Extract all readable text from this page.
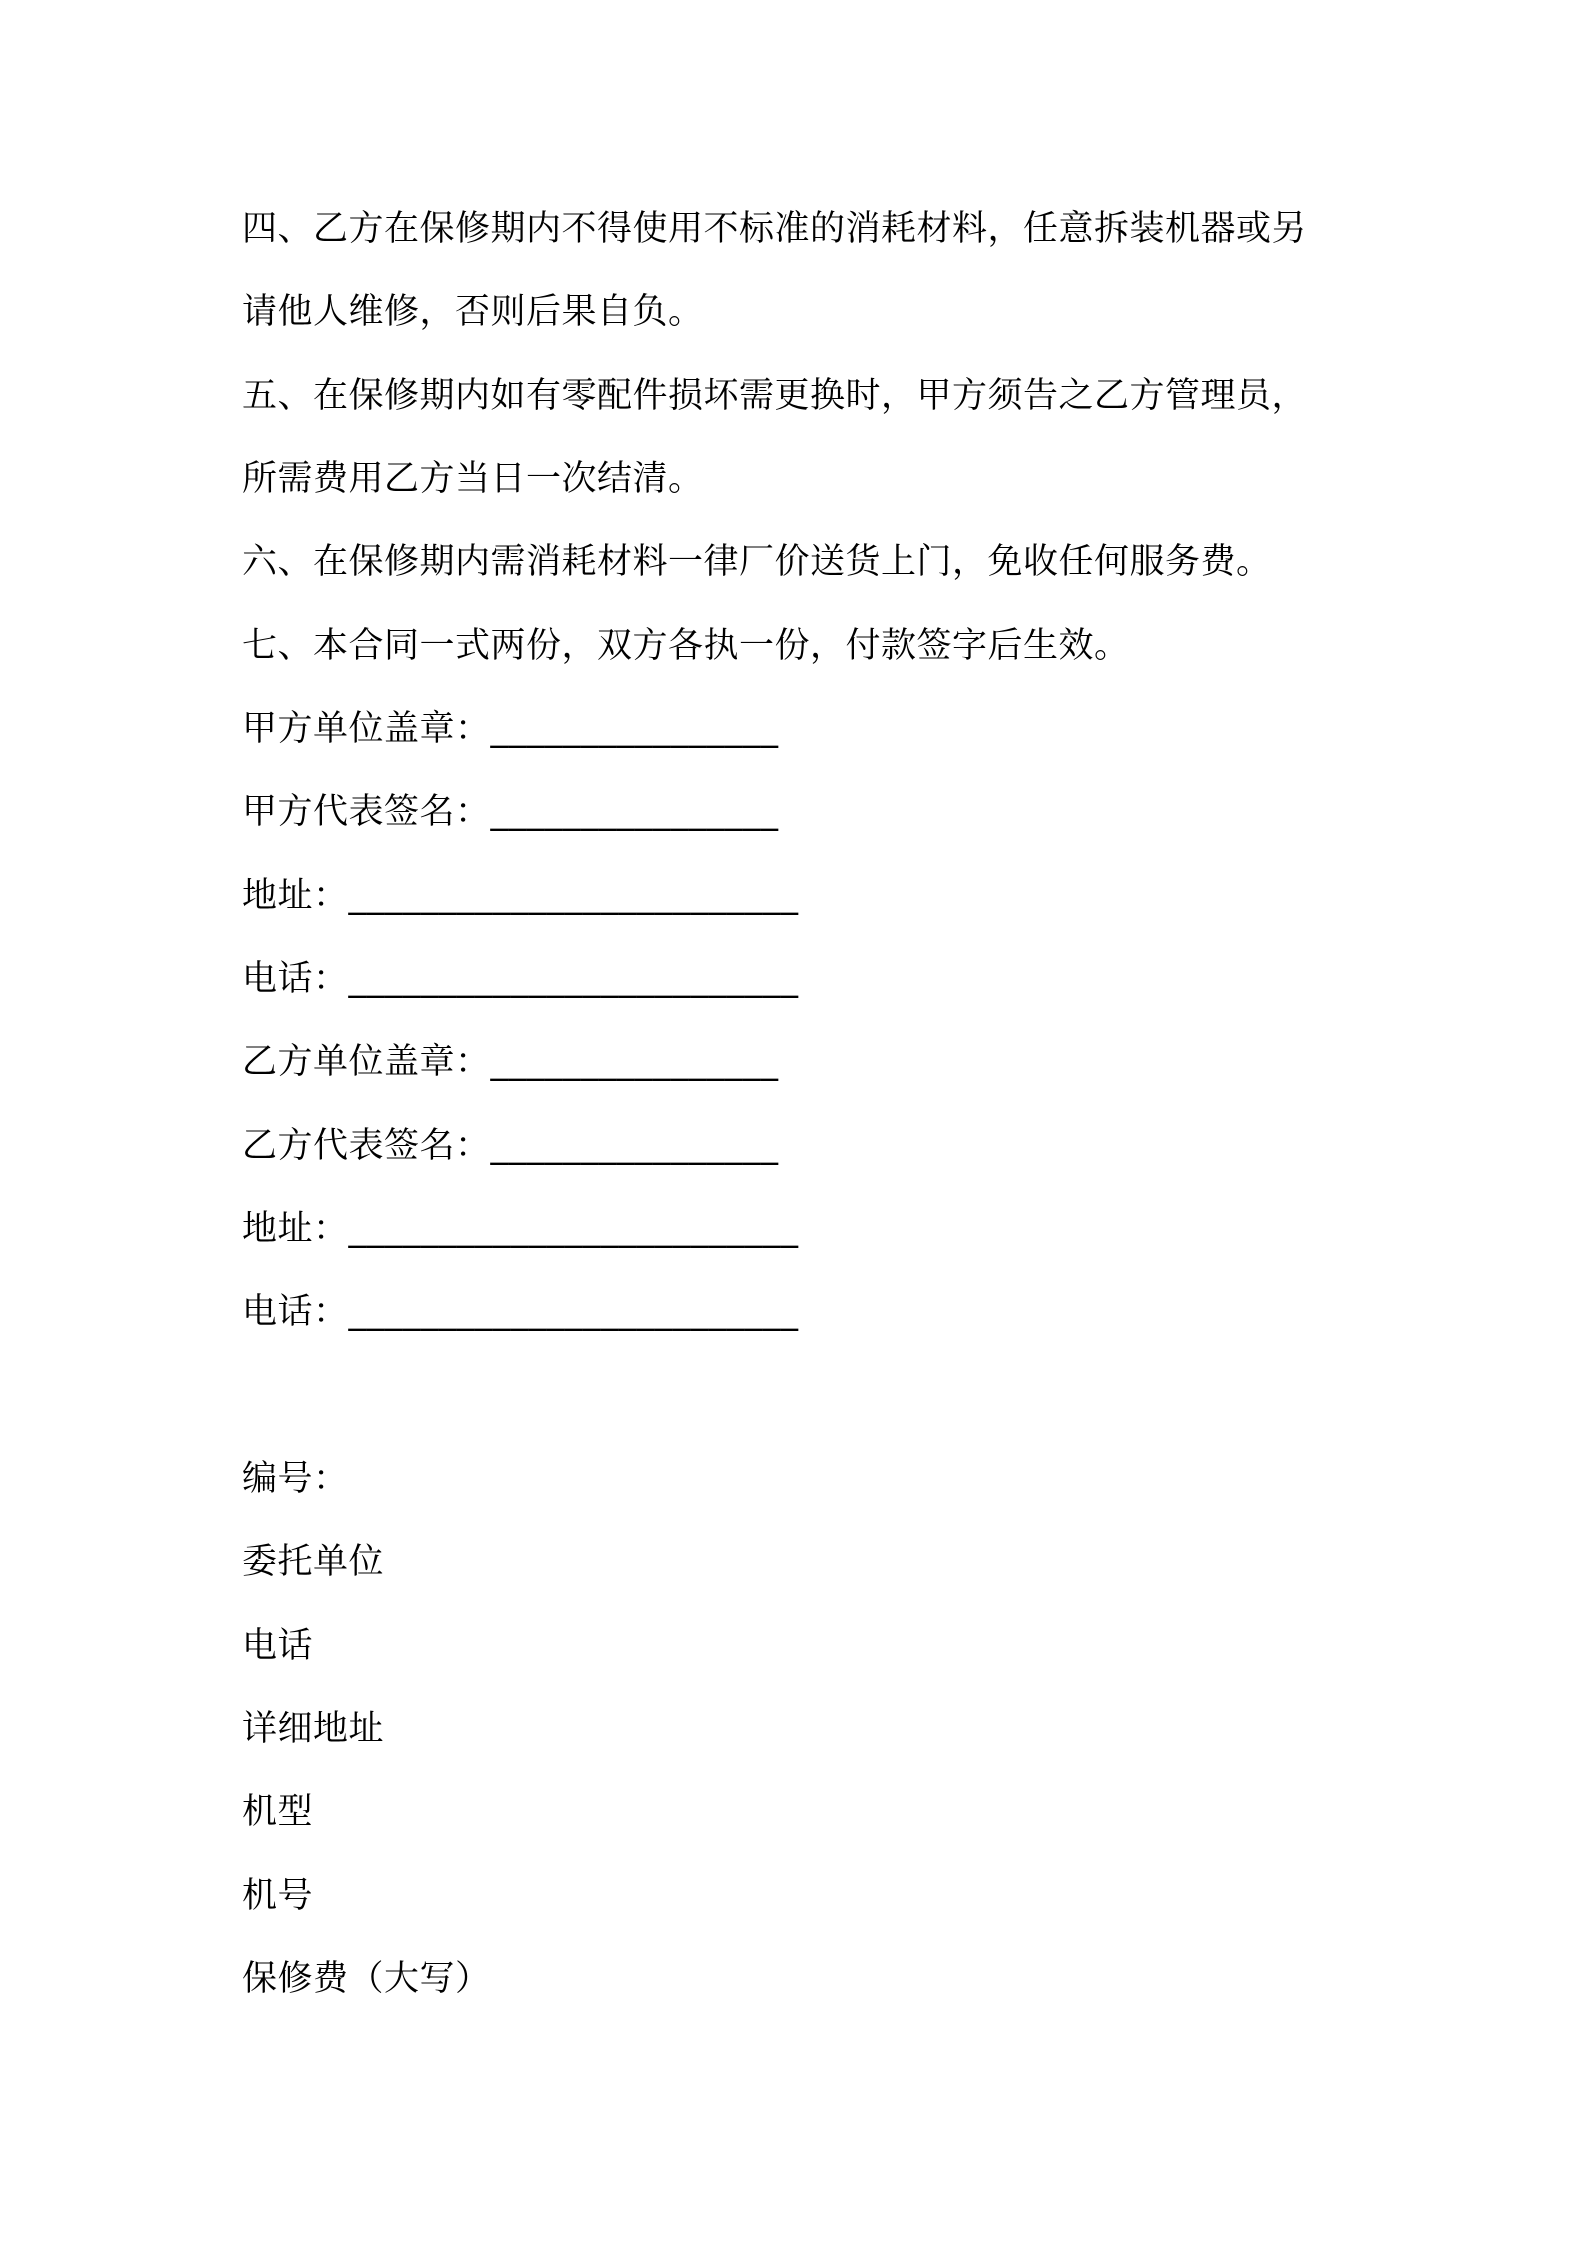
四、乙方在保修期内不得使用不标准的消耗材料，任意拆装机器或另
请他人维修，否则后果自负。
五、在保修期内如有零配件损坏需更换时，甲方须告之乙方管理员，
所需费用乙方当日一次结清。
六、在保修期内需消耗材料一律厂价送货上门，免收任何服务费。
七、本合同一式两份，双方各执一份，付款签字后生效。
甲方单位盖章：________________
甲方代表签名：________________
地址：_________________________
电话：_________________________
乙方单位盖章：________________
乙方代表签名：________________
地址：_________________________
电话：_________________________
编号：
委托单位
电话
详细地址
机型
机号
保修费（大写）
